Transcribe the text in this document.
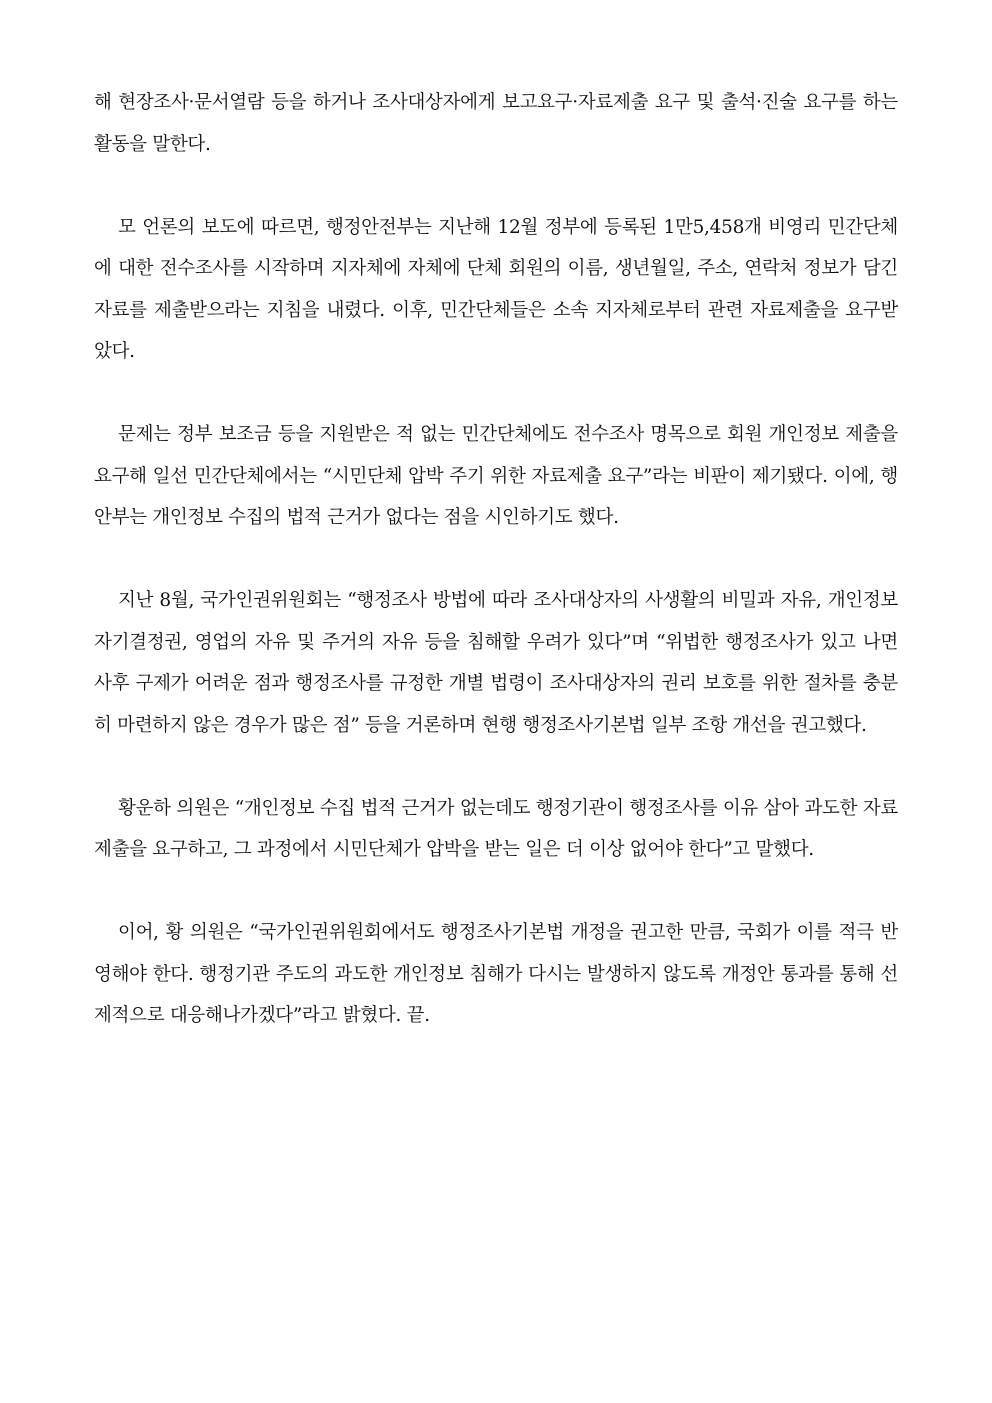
해 현장조사·문서열람 등을 하거나 조사대상자에게 보고요구·자료제출 요구 및 출석·진술 요구를 하는 활동을 말한다.

모 언론의 보도에 따르면, 행정안전부는 지난해 12월 정부에 등록된 1만5,458개 비영리 민간단체에 대한 전수조사를 시작하며 지자체에 자체에 단체 회원의 이름, 생년월일, 주소, 연락처 정보가 담긴 자료를 제출받으라는 지침을 내렸다. 이후, 민간단체들은 소속 지자체로부터 관련 자료제출을 요구받았다.

문제는 정부 보조금 등을 지원받은 적 없는 민간단체에도 전수조사 명목으로 회원 개인정보 제출을 요구해 일선 민간단체에서는 “시민단체 압박 주기 위한 자료제출 요구”라는 비판이 제기됐다. 이에, 행안부는 개인정보 수집의 법적 근거가 없다는 점을 시인하기도 했다.

지난 8월, 국가인권위원회는 “행정조사 방법에 따라 조사대상자의 사생활의 비밀과 자유, 개인정보자기결정권, 영업의 자유 및 주거의 자유 등을 침해할 우려가 있다”며 “위법한 행정조사가 있고 나면 사후 구제가 어려운 점과 행정조사를 규정한 개별 법령이 조사대상자의 권리 보호를 위한 절차를 충분히 마련하지 않은 경우가 많은 점” 등을 거론하며 현행 행정조사기본법 일부 조항 개선을 권고했다.

황운하 의원은 “개인정보 수집 법적 근거가 없는데도 행정기관이 행정조사를 이유 삼아 과도한 자료 제출을 요구하고, 그 과정에서 시민단체가 압박을 받는 일은 더 이상 없어야 한다”고 말했다.

이어, 황 의원은 “국가인권위원회에서도 행정조사기본법 개정을 권고한 만큼, 국회가 이를 적극 반영해야 한다. 행정기관 주도의 과도한 개인정보 침해가 다시는 발생하지 않도록 개정안 통과를 통해 선제적으로 대응해나가겠다”라고 밝혔다. 끝.
